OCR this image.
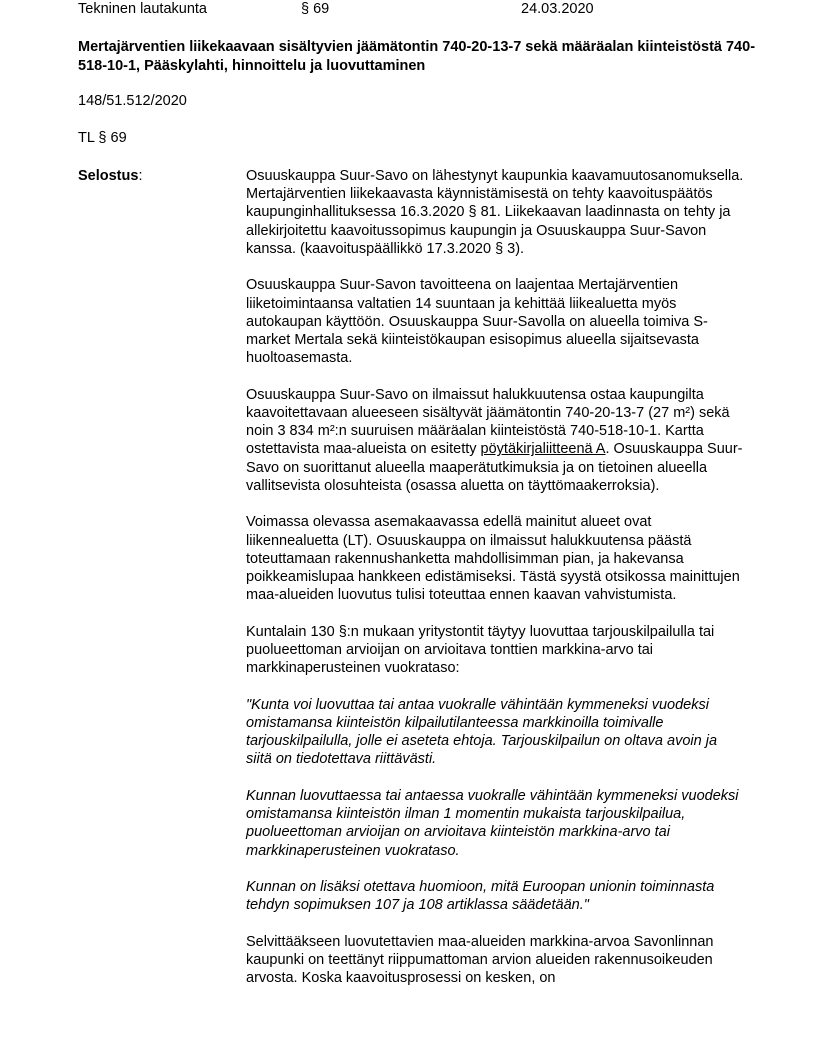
Tekninen lautakunta	§ 69	24.03.2020
Mertajärventien liikekaavaan sisältyvien jäämätontin 740-20-13-7 sekä määräalan kiinteistöstä 740-518-10-1, Pääskylahti, hinnoittelu ja luovuttaminen
148/51.512/2020
TL § 69
Selostus:	Osuuskauppa Suur-Savo on lähestynyt kaupunkia kaavamuutosanomuksella. Mertajärventien liikekaavasta käynnistämisestä on tehty kaavoituspäätös kaupunginhallituksessa 16.3.2020 § 81. Liikekaavan laadinnasta on tehty ja allekirjoitettu kaavoitussopimus kaupungin ja Osuuskauppa Suur-Savon kanssa. (kaavoituspäällikkö 17.3.2020 § 3).

Osuuskauppa Suur-Savon tavoitteena on laajentaa Mertajärventien liiketoimintaansa valtatien 14 suuntaan ja kehittää liikealuetta myös autokaupan käyttöön. Osuuskauppa Suur-Savolla on alueella toimiva S-market Mertala sekä kiinteistökaupan esisopimus alueella sijaitsevasta huoltoasemasta.

Osuuskauppa Suur-Savo on ilmaissut halukkuutensa ostaa kaupungilta kaavoitettavaan alueeseen sisältyvät jäämätontin 740-20-13-7 (27 m²) sekä noin 3 834 m²:n suuruisen määräalan kiinteistöstä 740-518-10-1. Kartta ostettavista maa-alueista on esitetty pöytäkirjaliitteenä A. Osuuskauppa Suur-Savo on suorittanut alueella maaperätutkimuksia ja on tietoinen alueella vallitsevista olosuhteista (osassa aluetta on täyttömaakerroksia).

Voimassa olevassa asemakaavassa edellä mainitut alueet ovat liikennealuetta (LT). Osuuskauppa on ilmaissut halukkuutensa päästä toteuttamaan rakennushanketta mahdollisimman pian, ja hakevansa poikkeamislupaa hankkeen edistämiseksi. Tästä syystä otsikossa mainittujen maa-alueiden luovutus tulisi toteuttaa ennen kaavan vahvistumista.

Kuntalain 130 §:n mukaan yritystontit täytyy luovuttaa tarjouskilpailulla tai puolueettoman arvioijan on arvioitava tonttien markkina-arvo tai markkinaperusteinen vuokrataso:

"Kunta voi luovuttaa tai antaa vuokralle vähintään kymmeneksi vuodeksi omistamansa kiinteistön kilpailutilanteessa markkinoilla toimivalle tarjouskilpailulla, jolle ei aseteta ehtoja. Tarjouskilpailun on oltava avoin ja siitä on tiedotettava riittävästi.

Kunnan luovuttaessa tai antaessa vuokralle vähintään kymmeneksi vuodeksi omistamansa kiinteistön ilman 1 momentin mukaista tarjouskilpailua, puolueettoman arvioijan on arvioitava kiinteistön markkina-arvo tai markkinaperusteinen vuokrataso.

Kunnan on lisäksi otettava huomioon, mitä Euroopan unionin toiminnasta tehdyn sopimuksen 107 ja 108 artiklassa säädetään."

Selvittääkseen luovutettavien maa-alueiden markkina-arvoa Savonlinnan kaupunki on teettänyt riippumattoman arvion alueiden rakennusoikeuden arvosta. Koska kaavoitusprosessi on kesken, on
